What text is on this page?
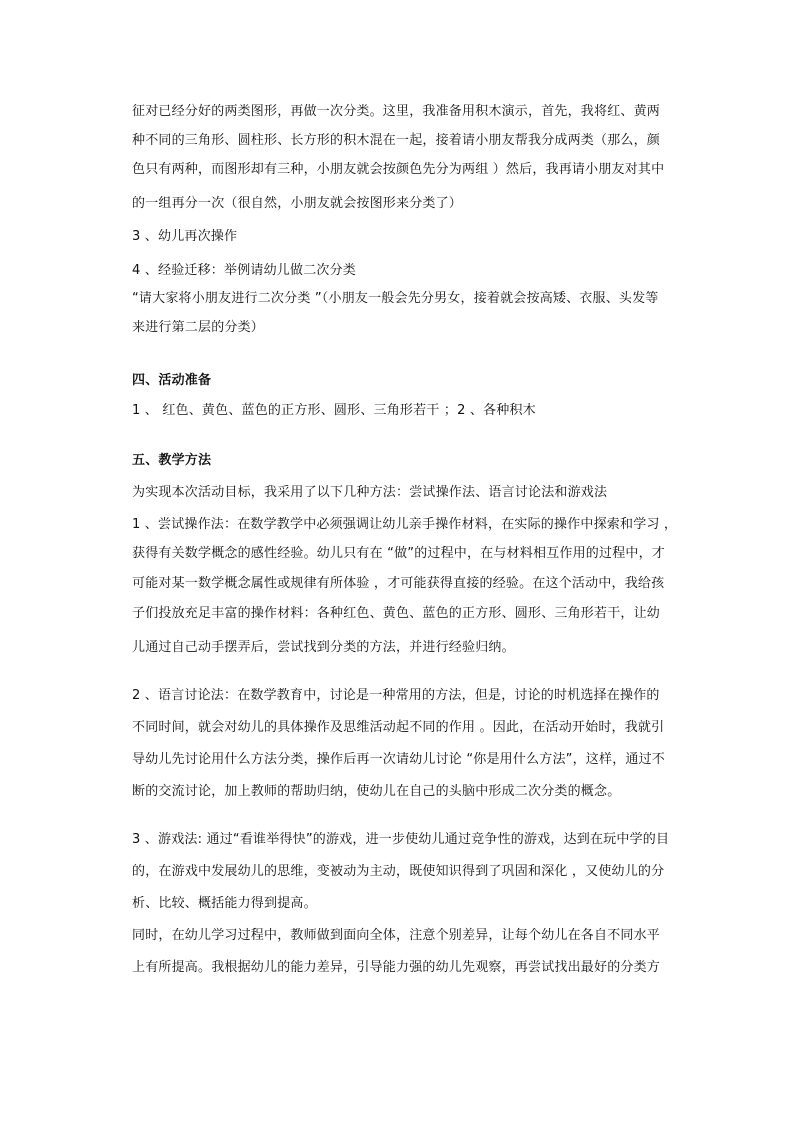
征对已经分好的两类图形，再做一次分类。这里，我准备用积木演示，首先，我将红、黄两
种不同的三角形、圆柱形、长方形的积木混在一起，接着请小朋友帮我分成两类（那么，颜
色只有两种，而图形却有三种，小朋友就会按颜色先分为两组 ）然后，我再请小朋友对其中
的一组再分一次（很自然，小朋友就会按图形来分类了）
3 、幼儿再次操作
4 、经验迁移：举例请幼儿做二次分类
“请大家将小朋友进行二次分类 ”（小朋友一般会先分男女，接着就会按高矮、衣服、头发等
来进行第二层的分类）
四、活动准备
1 、 红色、黄色、蓝色的正方形、圆形、三角形若干 ；2 、各种积木
五、教学方法
为实现本次活动目标，我采用了以下几种方法：尝试操作法、语言讨论法和游戏法
1 、尝试操作法：在数学教学中必须强调让幼儿亲手操作材料，在实际的操作中探索和学习 ，
获得有关数学概念的感性经验。幼儿只有在 “做”的过程中，在与材料相互作用的过程中，才
可能对某一数学概念属性或规律有所体验 ，才可能获得直接的经验。在这个活动中，我给孩
子们投放充足丰富的操作材料：各种红色、黄色、蓝色的正方形、圆形、三角形若干，让幼
儿通过自己动手摆弄后，尝试找到分类的方法，并进行经验归纳。
2 、语言讨论法：在数学教育中，讨论是一种常用的方法，但是，讨论的时机选择在操作的
不同时间，就会对幼儿的具体操作及思维活动起不同的作用 。因此，在活动开始时，我就引
导幼儿先讨论用什么方法分类，操作后再一次请幼儿讨论 “你是用什么方法”，这样，通过不
断的交流讨论，加上教师的帮助归纳，使幼儿在自己的头脑中形成二次分类的概念。
3 、游戏法: 通过“看谁举得快”的游戏，进一步使幼儿通过竞争性的游戏，达到在玩中学的目
的，在游戏中发展幼儿的思维，变被动为主动，既使知识得到了巩固和深化 ，又使幼儿的分
析、比较、概括能力得到提高。
同时，在幼儿学习过程中，教师做到面向全体，注意个别差异，让每个幼儿在各自不同水平
上有所提高。我根据幼儿的能力差异，引导能力强的幼儿先观察，再尝试找出最好的分类方
